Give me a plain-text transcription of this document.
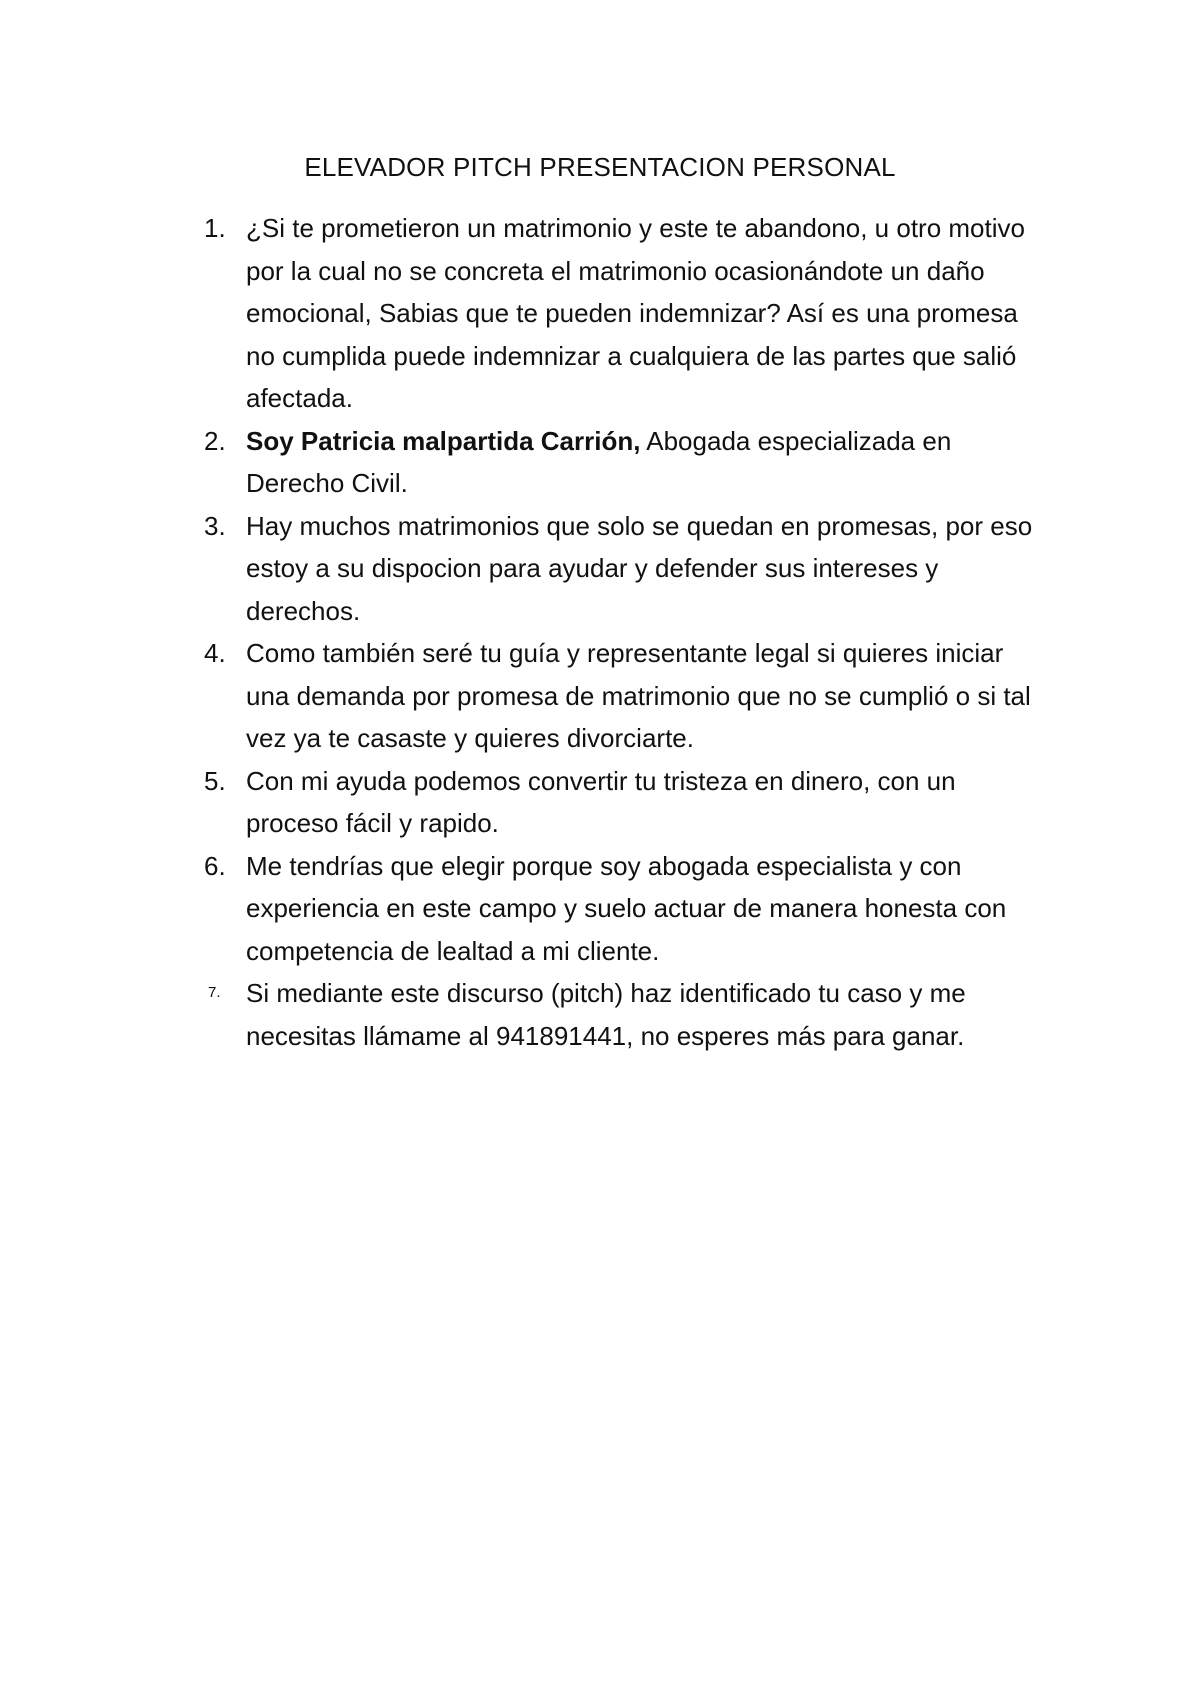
ELEVADOR PITCH PRESENTACION PERSONAL
1. ¿Si te prometieron un matrimonio y este te abandono, u otro motivo por la cual no se concreta el matrimonio ocasionándote un daño emocional, Sabias que te pueden indemnizar? Así es una promesa no cumplida puede indemnizar a cualquiera de las partes que salió afectada.
2. Soy Patricia malpartida Carrión, Abogada especializada en Derecho Civil.
3. Hay muchos matrimonios que solo se quedan en promesas, por eso estoy a su dispocion para ayudar y defender sus intereses y derechos.
4. Como también seré tu guía y representante legal si quieres iniciar una demanda por promesa de matrimonio que no se cumplió o si tal vez ya te casaste y quieres divorciarte.
5. Con mi ayuda podemos convertir tu tristeza en dinero, con un proceso fácil y rapido.
6. Me tendrías que elegir porque soy abogada especialista y con experiencia en este campo y suelo actuar de manera honesta con competencia de lealtad a mi cliente.
7. Si mediante este discurso (pitch) haz identificado tu caso y me necesitas llámame al 941891441, no esperes más para ganar.
